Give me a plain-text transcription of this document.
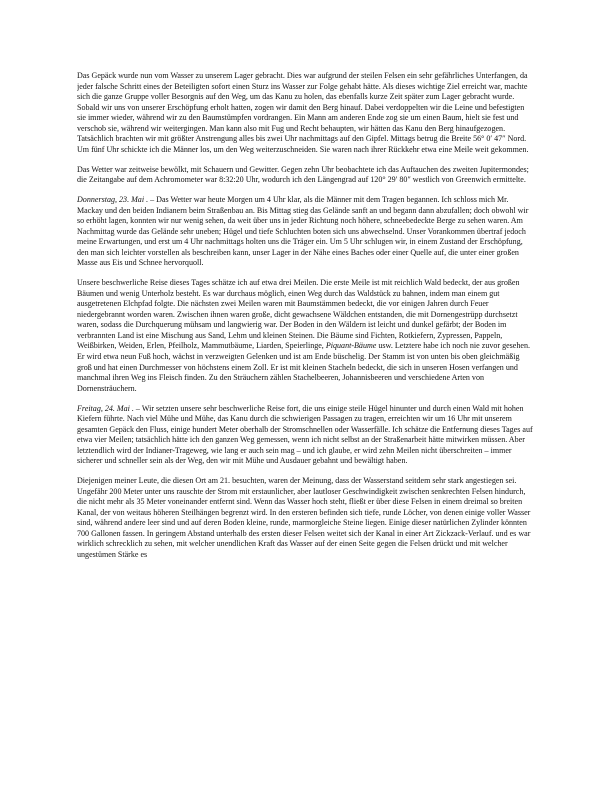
Das Gepäck wurde nun vom Wasser zu unserem Lager gebracht. Dies war aufgrund der steilen Felsen ein sehr gefährliches Unterfangen, da jeder falsche Schritt eines der Beteiligten sofort einen Sturz ins Wasser zur Folge gehabt hätte. Als dieses wichtige Ziel erreicht war, machte sich die ganze Gruppe voller Besorgnis auf den Weg, um das Kanu zu holen, das ebenfalls kurze Zeit später zum Lager gebracht wurde. Sobald wir uns von unserer Erschöpfung erholt hatten, zogen wir damit den Berg hinauf. Dabei verdoppelten wir die Leine und befestigten sie immer wieder, während wir zu den Baumstümpfen vordrangen. Ein Mann am anderen Ende zog sie um einen Baum, hielt sie fest und verschob sie, während wir weitergingen. Man kann also mit Fug und Recht behaupten, wir hätten das Kanu den Berg hinaufgezogen. Tatsächlich brachten wir mit größter Anstrengung alles bis zwei Uhr nachmittags auf den Gipfel. Mittags betrug die Breite 56° 0′ 47″ Nord. Um fünf Uhr schickte ich die Männer los, um den Weg weiterzuschneiden. Sie waren nach ihrer Rückkehr etwa eine Meile weit gekommen.

Das Wetter war zeitweise bewölkt, mit Schauern und Gewitter. Gegen zehn Uhr beobachtete ich das Auftauchen des zweiten Jupitermondes; die Zeitangabe auf dem Achromometer war 8:32:20 Uhr, wodurch ich den Längengrad auf 120° 29′ 80″ westlich von Greenwich ermittelte.

Donnerstag, 23. Mai . – Das Wetter war heute Morgen um 4 Uhr klar, als die Männer mit dem Tragen begannen. Ich schloss mich Mr. Mackay und den beiden Indianern beim Straßenbau an. Bis Mittag stieg das Gelände sanft an und begann dann abzufallen; doch obwohl wir so erhöht lagen, konnten wir nur wenig sehen, da weit über uns in jeder Richtung noch höhere, schneebedeckte Berge zu sehen waren. Am Nachmittag wurde das Gelände sehr uneben; Hügel und tiefe Schluchten boten sich uns abwechselnd. Unser Vorankommen übertraf jedoch meine Erwartungen, und erst um 4 Uhr nachmittags holten uns die Träger ein. Um 5 Uhr schlugen wir, in einem Zustand der Erschöpfung, den man sich leichter vorstellen als beschreiben kann, unser Lager in der Nähe eines Baches oder einer Quelle auf, die unter einer großen Masse aus Eis und Schnee hervorquoll.

Unsere beschwerliche Reise dieses Tages schätze ich auf etwa drei Meilen. Die erste Meile ist mit reichlich Wald bedeckt, der aus großen Bäumen und wenig Unterholz besteht. Es war durchaus möglich, einen Weg durch das Waldstück zu bahnen, indem man einem gut ausgetretenen Elchpfad folgte. Die nächsten zwei Meilen waren mit Baumstämmen bedeckt, die vor einigen Jahren durch Feuer niedergebrannt worden waren. Zwischen ihnen waren große, dicht gewachsene Wäldchen entstanden, die mit Dornengestrüpp durchsetzt waren, sodass die Durchquerung mühsam und langwierig war. Der Boden in den Wäldern ist leicht und dunkel gefärbt; der Boden im verbrannten Land ist eine Mischung aus Sand, Lehm und kleinen Steinen. Die Bäume sind Fichten, Rotkiefern, Zypressen, Pappeln, Weißbirken, Weiden, Erlen, Pfeilholz, Mammutbäume, Liarden, Speierlinge, Piquant-Bäume usw. Letztere habe ich noch nie zuvor gesehen. Er wird etwa neun Fuß hoch, wächst in verzweigten Gelenken und ist am Ende büschelig. Der Stamm ist von unten bis oben gleichmäßig groß und hat einen Durchmesser von höchstens einem Zoll. Er ist mit kleinen Stacheln bedeckt, die sich in unseren Hosen verfangen und manchmal ihren Weg ins Fleisch finden. Zu den Sträuchern zählen Stachelbeeren, Johannisbeeren und verschiedene Arten von Dornensträuchern.

Freitag, 24. Mai . – Wir setzten unsere sehr beschwerliche Reise fort, die uns einige steile Hügel hinunter und durch einen Wald mit hohen Kiefern führte. Nach viel Mühe und Mühe, das Kanu durch die schwierigen Passagen zu tragen, erreichten wir um 16 Uhr mit unserem gesamten Gepäck den Fluss, einige hundert Meter oberhalb der Stromschnellen oder Wasserfälle. Ich schätze die Entfernung dieses Tages auf etwa vier Meilen; tatsächlich hätte ich den ganzen Weg gemessen, wenn ich nicht selbst an der Straßenarbeit hätte mitwirken müssen. Aber letztendlich wird der Indianer-Trageweg, wie lang er auch sein mag – und ich glaube, er wird zehn Meilen nicht überschreiten – immer sicherer und schneller sein als der Weg, den wir mit Mühe und Ausdauer gebahnt und bewältigt haben.

Diejenigen meiner Leute, die diesen Ort am 21. besuchten, waren der Meinung, dass der Wasserstand seitdem sehr stark angestiegen sei. Ungefähr 200 Meter unter uns rauschte der Strom mit erstaunlicher, aber lautloser Geschwindigkeit zwischen senkrechten Felsen hindurch, die nicht mehr als 35 Meter voneinander entfernt sind. Wenn das Wasser hoch steht, fließt er über diese Felsen in einem dreimal so breiten Kanal, der von weitaus höheren Steilhängen begrenzt wird. In den ersteren befinden sich tiefe, runde Löcher, von denen einige voller Wasser sind, während andere leer sind und auf deren Boden kleine, runde, marmorgleiche Steine liegen. Einige dieser natürlichen Zylinder könnten 700 Gallonen fassen. In geringem Abstand unterhalb des ersten dieser Felsen weitet sich der Kanal in einer Art Zickzack-Verlauf. und es war wirklich schrecklich zu sehen, mit welcher unendlichen Kraft das Wasser auf der einen Seite gegen die Felsen drückt und mit welcher ungestümen Stärke es
